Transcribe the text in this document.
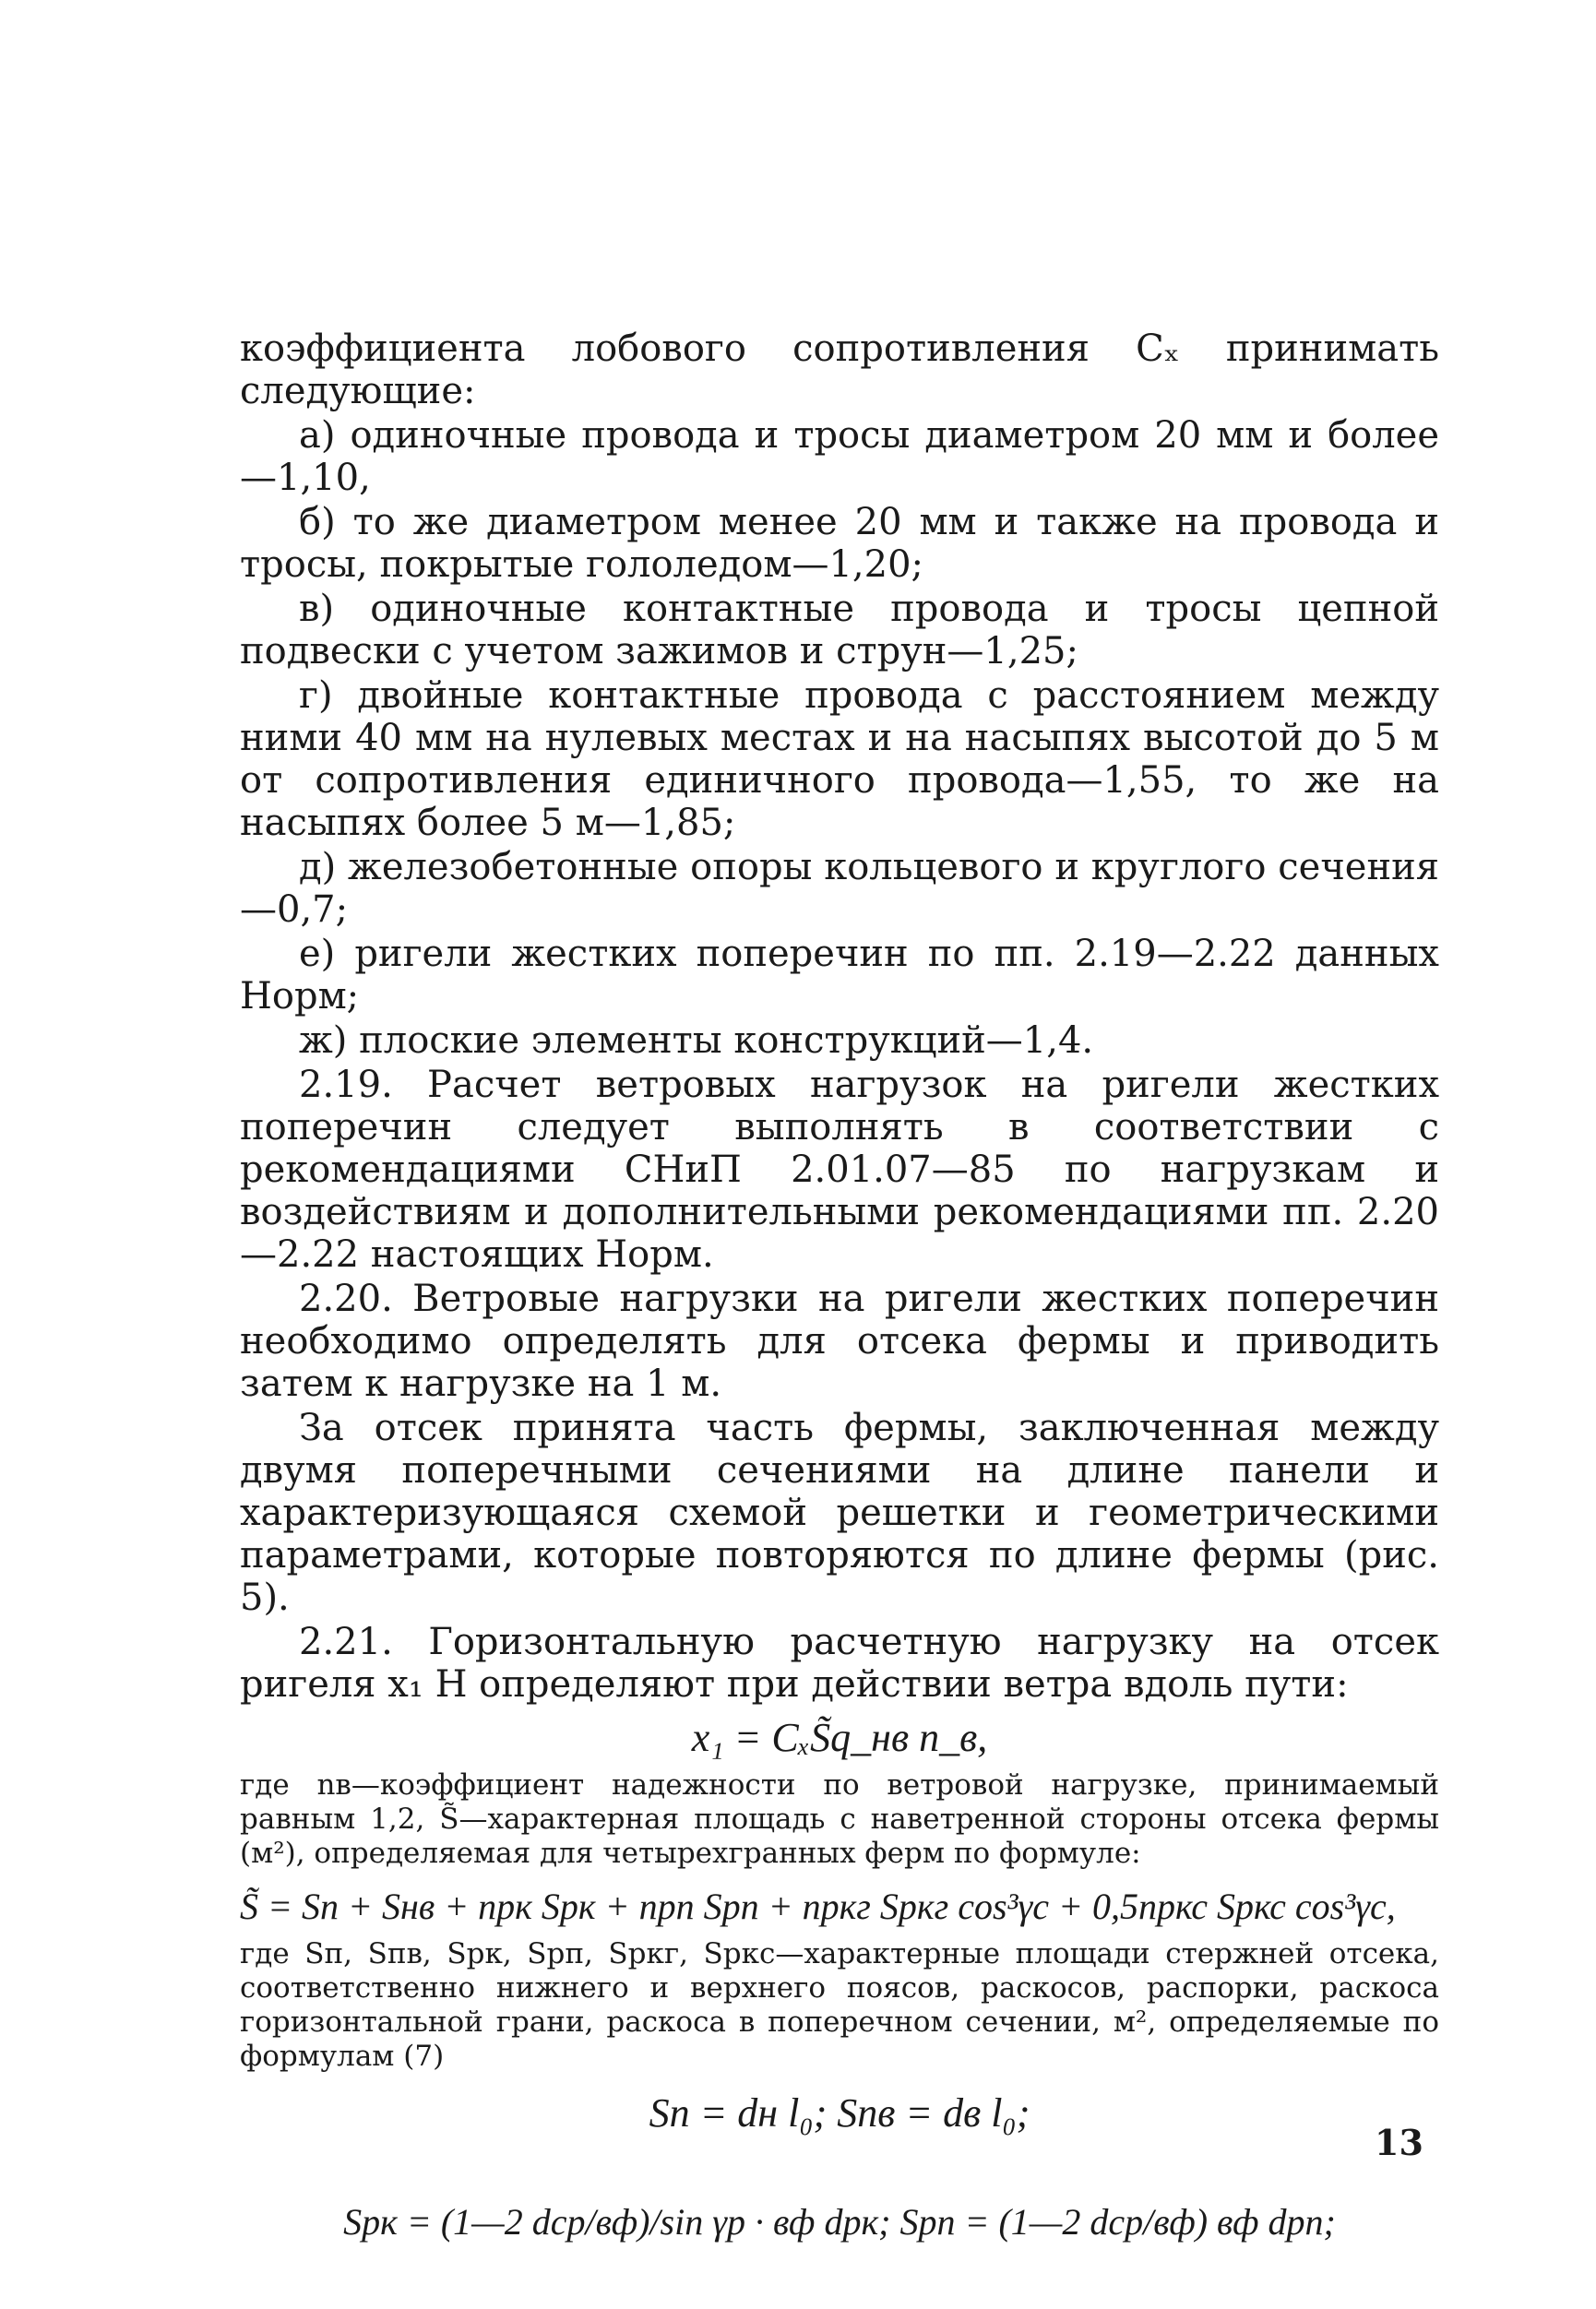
коэффициента лобового сопротивления Cₓ принимать следующие:

а) одиночные провода и тросы диаметром 20 мм и более—1,10,

б) то же диаметром менее 20 мм и также на провода и тросы, покрытые гололедом—1,20;

в) одиночные контактные провода и тросы цепной подвески с учетом зажимов и струн—1,25;

г) двойные контактные провода с расстоянием между ними 40 мм на нулевых местах и на насыпях высотой до 5 м от сопротивления единичного провода—1,55, то же на насыпях более 5 м—1,85;

д) железобетонные опоры кольцевого и круглого сечения—0,7;

е) ригели жестких поперечин по пп. 2.19—2.22 данных Норм;

ж) плоские элементы конструкций—1,4.

2.19. Расчет ветровых нагрузок на ригели жестких поперечин следует выполнять в соответствии с рекомендациями СНиП 2.01.07—85 по нагрузкам и воздействиям и дополнительными рекомендациями пп. 2.20—2.22 настоящих Норм.

2.20. Ветровые нагрузки на ригели жестких поперечин необходимо определять для отсека фермы и приводить затем к нагрузке на 1 м.

За отсек принята часть фермы, заключенная между двумя поперечными сечениями на длине панели и характеризующаяся схемой решетки и геометрическими параметрами, которые повторяются по длине фермы (рис. 5).

2.21. Горизонтальную расчетную нагрузку на отсек ригеля x₁ Н определяют при действии ветра вдоль пути:

x₁ = CₓS̃q_нв n_в,

где nв—коэффициент надежности по ветровой нагрузке, принимаемый равным 1,2, S̃—характерная площадь с наветренной стороны отсека фермы (м²), определяемая для четырехгранных ферм по формуле:

S̃ = Sп + Sнв + nрк Sрк + nрп Sрп + nркг Sркг cos³γc + 0,5nркс Sркс cos³γc,

где Sп, Sпв, Sрк, Sрп, Sркг, Sркс—характерные площади стержней отсека, соответственно нижнего и верхнего поясов, раскосов, распорки, раскоса горизонтальной грани, раскоса в поперечном сечении, м², определяемые по формулам (7)

Sп = dн l₀; Sпв = dв l₀;
Sрк = (1—2 dср/вф)/sin γр · вф dрк; Sрп = (1—2 dср/вф) вф dрп;
13
